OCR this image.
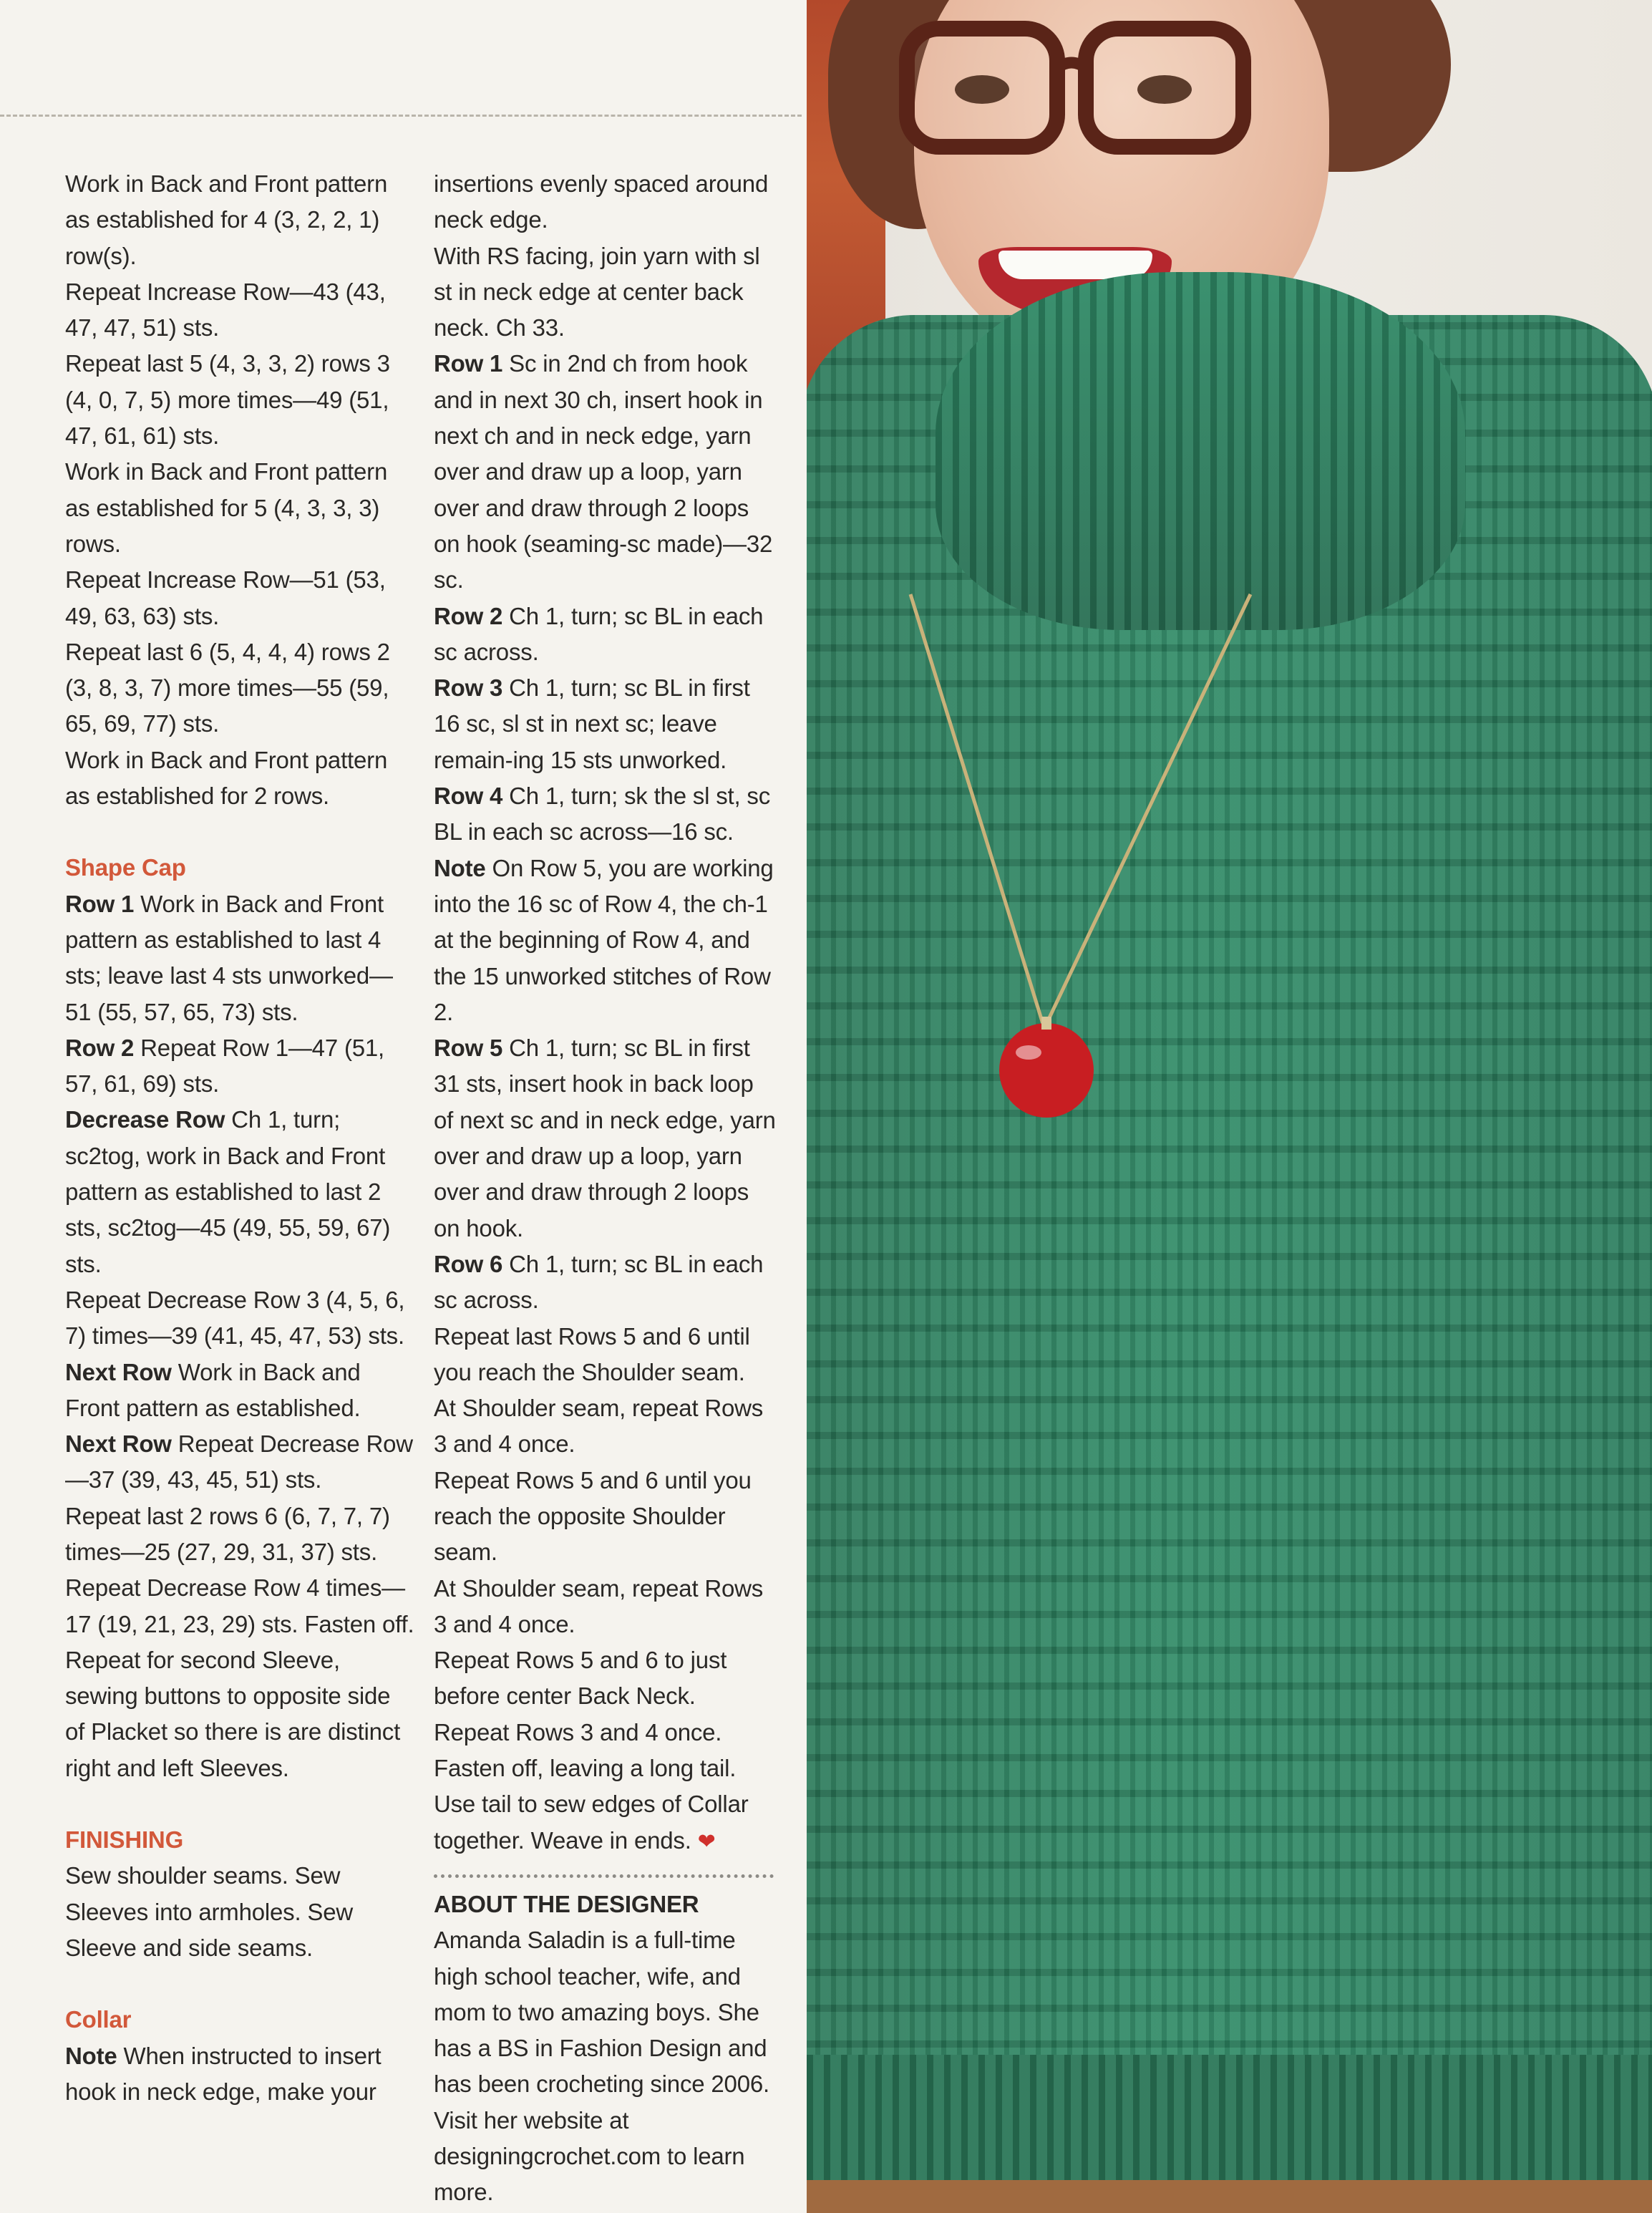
Work in Back and Front pattern as established for 4 (3, 2, 2, 1) row(s).

Repeat Increase Row—43 (43, 47, 47, 51) sts.

Repeat last 5 (4, 3, 3, 2) rows 3 (4, 0, 7, 5) more times—49 (51, 47, 61, 61) sts.

Work in Back and Front pattern as established for 5 (4, 3, 3, 3) rows.

Repeat Increase Row—51 (53, 49, 63, 63) sts.

Repeat last 6 (5, 4, 4, 4) rows 2 (3, 8, 3, 7) more times—55 (59, 65, 69, 77) sts.

Work in Back and Front pattern as established for 2 rows.

Shape Cap

Row 1 Work in Back and Front pattern as established to last 4 sts; leave last 4 sts unworked—51 (55, 57, 65, 73) sts.

Row 2 Repeat Row 1—47 (51, 57, 61, 69) sts.

Decrease Row Ch 1, turn; sc2tog, work in Back and Front pattern as established to last 2 sts, sc2tog—45 (49, 55, 59, 67) sts.

Repeat Decrease Row 3 (4, 5, 6, 7) times—39 (41, 45, 47, 53) sts.

Next Row Work in Back and Front pattern as established.

Next Row Repeat Decrease Row—37 (39, 43, 45, 51) sts.

Repeat last 2 rows 6 (6, 7, 7, 7) times—25 (27, 29, 31, 37) sts.

Repeat Decrease Row 4 times—17 (19, 21, 23, 29) sts. Fasten off.

Repeat for second Sleeve, sewing buttons to opposite side of Placket so there is are distinct right and left Sleeves.

FINISHING

Sew shoulder seams. Sew Sleeves into armholes. Sew Sleeve and side seams.

Collar

Note When instructed to insert hook in neck edge, make your

insertions evenly spaced around neck edge.

With RS facing, join yarn with sl st in neck edge at center back neck. Ch 33.

Row 1 Sc in 2nd ch from hook and in next 30 ch, insert hook in next ch and in neck edge, yarn over and draw up a loop, yarn over and draw through 2 loops on hook (seaming-sc made)—32 sc.

Row 2 Ch 1, turn; sc BL in each sc across.

Row 3 Ch 1, turn; sc BL in first 16 sc, sl st in next sc; leave remain-ing 15 sts unworked.

Row 4 Ch 1, turn; sk the sl st, sc BL in each sc across—16 sc.

Note On Row 5, you are working into the 16 sc of Row 4, the ch-1 at the beginning of Row 4, and the 15 unworked stitches of Row 2.

Row 5 Ch 1, turn; sc BL in first 31 sts, insert hook in back loop of next sc and in neck edge, yarn over and draw up a loop, yarn over and draw through 2 loops on hook.

Row 6 Ch 1, turn; sc BL in each sc across.

Repeat last Rows 5 and 6 until you reach the Shoulder seam.

At Shoulder seam, repeat Rows 3 and 4 once.

Repeat Rows 5 and 6 until you reach the opposite Shoulder seam.

At Shoulder seam, repeat Rows 3 and 4 once.

Repeat Rows 5 and 6 to just before center Back Neck.

Repeat Rows 3 and 4 once.

Fasten off, leaving a long tail. Use tail to sew edges of Collar together. Weave in ends. ❤

ABOUT THE DESIGNER

Amanda Saladin is a full-time high school teacher, wife, and mom to two amazing boys. She has a BS in Fashion Design and has been crocheting since 2006. Visit her website at designingcrochet.com to learn more.
